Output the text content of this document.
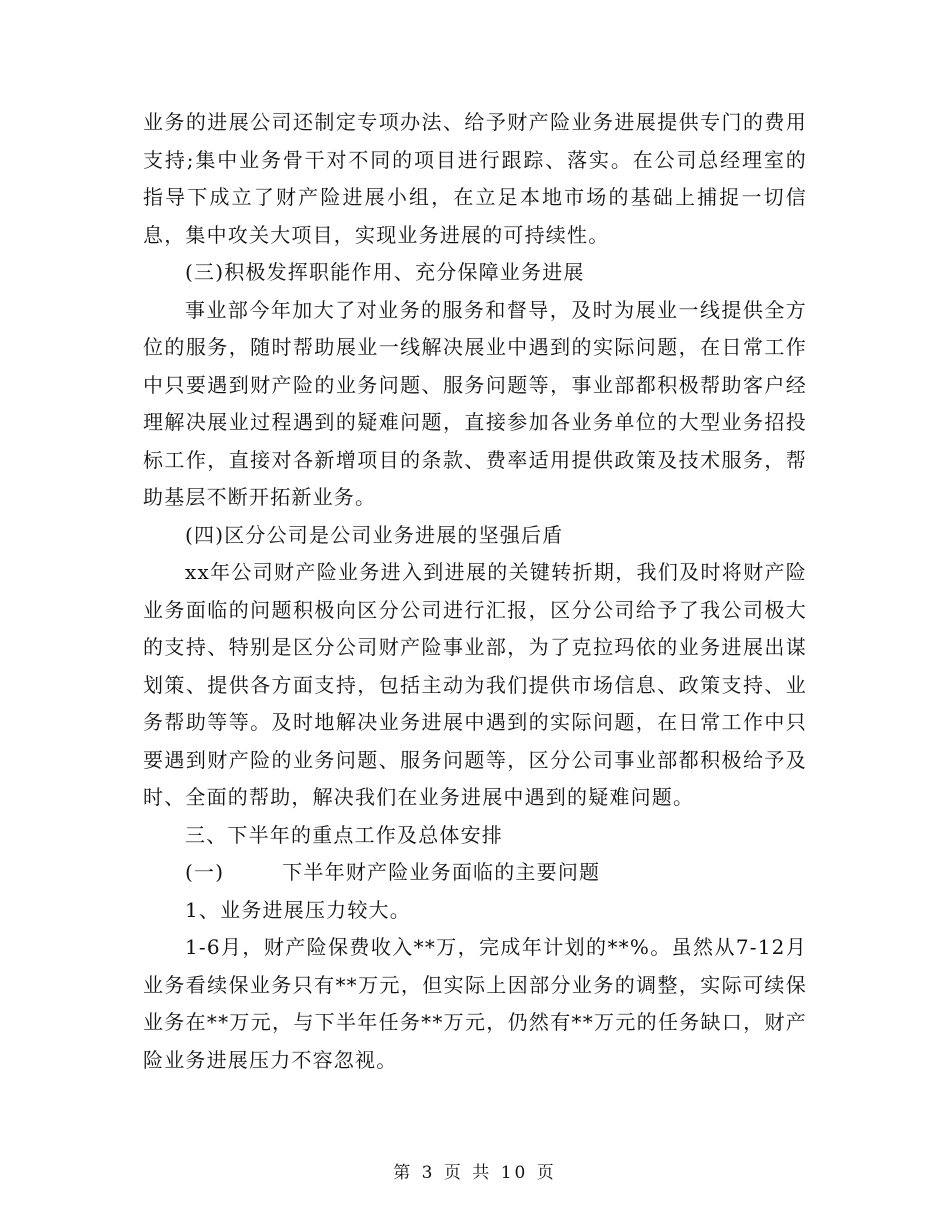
业务的进展公司还制定专项办法、给予财产险业务进展提供专门的费用支持;集中业务骨干对不同的项目进行跟踪、落实。在公司总经理室的指导下成立了财产险进展小组，在立足本地市场的基础上捕捉一切信息，集中攻关大项目，实现业务进展的可持续性。

(三)积极发挥职能作用、充分保障业务进展

事业部今年加大了对业务的服务和督导，及时为展业一线提供全方位的服务，随时帮助展业一线解决展业中遇到的实际问题，在日常工作中只要遇到财产险的业务问题、服务问题等，事业部都积极帮助客户经理解决展业过程遇到的疑难问题，直接参加各业务单位的大型业务招投标工作，直接对各新增项目的条款、费率适用提供政策及技术服务，帮助基层不断开拓新业务。

(四)区分公司是公司业务进展的坚强后盾

xx年公司财产险业务进入到进展的关键转折期，我们及时将财产险业务面临的问题积极向区分公司进行汇报，区分公司给予了我公司极大的支持、特别是区分公司财产险事业部，为了克拉玛依的业务进展出谋划策、提供各方面支持，包括主动为我们提供市场信息、政策支持、业务帮助等等。及时地解决业务进展中遇到的实际问题，在日常工作中只要遇到财产险的业务问题、服务问题等，区分公司事业部都积极给予及时、全面的帮助，解决我们在业务进展中遇到的疑难问题。

三、下半年的重点工作及总体安排

(一)	下半年财产险业务面临的主要问题

1、业务进展压力较大。

1-6月，财产险保费收入**万，完成年计划的**%。虽然从7-12月业务看续保业务只有**万元，但实际上因部分业务的调整，实际可续保业务在**万元，与下半年任务**万元，仍然有**万元的任务缺口，财产险业务进展压力不容忽视。

第 3 页 共 10 页
